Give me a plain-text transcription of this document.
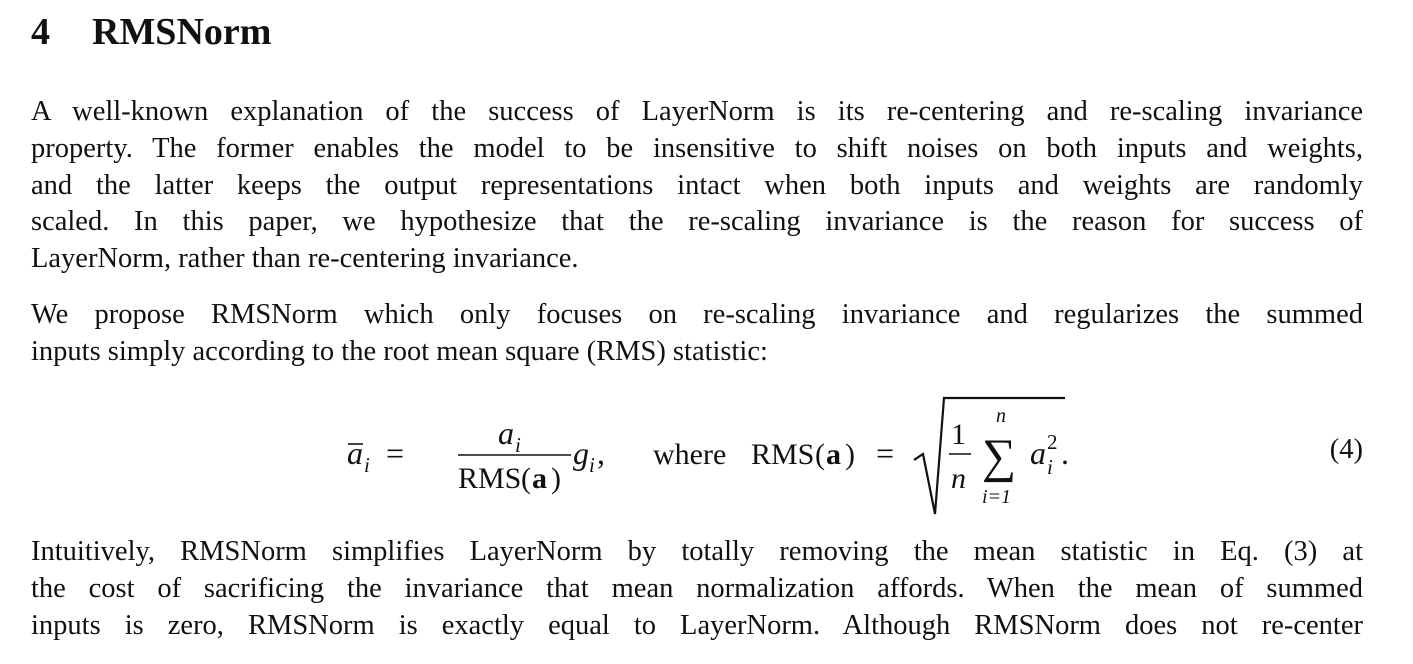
4 RMSNorm

A well-known explanation of the success of LayerNorm is its re-centering and re-scaling invariance
property. The former enables the model to be insensitive to shift noises on both inputs and weights,
and the latter keeps the output representations intact when both inputs and weights are randomly
scaled. In this paper, we hypothesize that the re-scaling invariance is the reason for success of
LayerNorm, rather than re-centering invariance.

We propose RMSNorm which only focuses on re-scaling invariance and regularizes the summed
inputs simply according to the root mean square (RMS) statistic:

a i =
a i
RMS ( a )
g i , where RMS ( a ) =
1
n
n
∑
i=1
a 2
i .	(4)

Intuitively, RMSNorm simplifies LayerNorm by totally removing the mean statistic in Eq. (3) at
the cost of sacrificing the invariance that mean normalization affords. When the mean of summed
inputs is zero, RMSNorm is exactly equal to LayerNorm. Although RMSNorm does not re-center
